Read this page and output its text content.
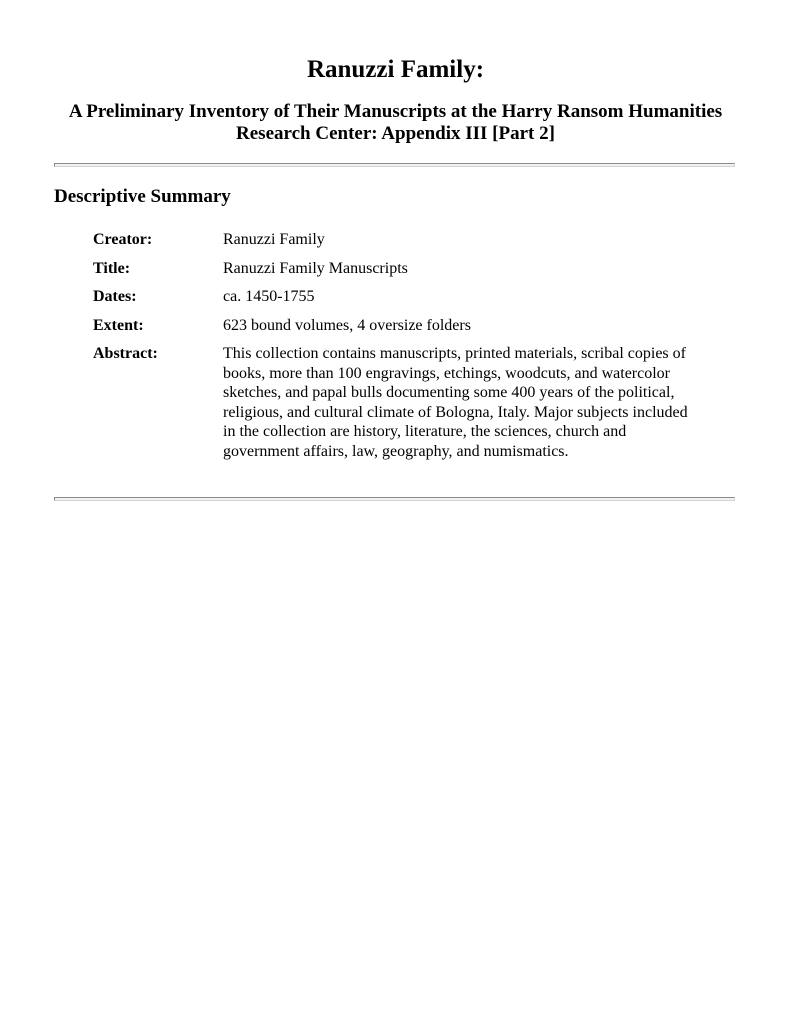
Ranuzzi Family:
A Preliminary Inventory of Their Manuscripts at the Harry Ransom Humanities Research Center: Appendix III [Part 2]
Descriptive Summary
Creator:	Ranuzzi Family
Title:	Ranuzzi Family Manuscripts
Dates:	ca. 1450-1755
Extent:	623 bound volumes, 4 oversize folders
Abstract:	This collection contains manuscripts, printed materials, scribal copies of books, more than 100 engravings, etchings, woodcuts, and watercolor sketches, and papal bulls documenting some 400 years of the political, religious, and cultural climate of Bologna, Italy. Major subjects included in the collection are history, literature, the sciences, church and government affairs, law, geography, and numismatics.
